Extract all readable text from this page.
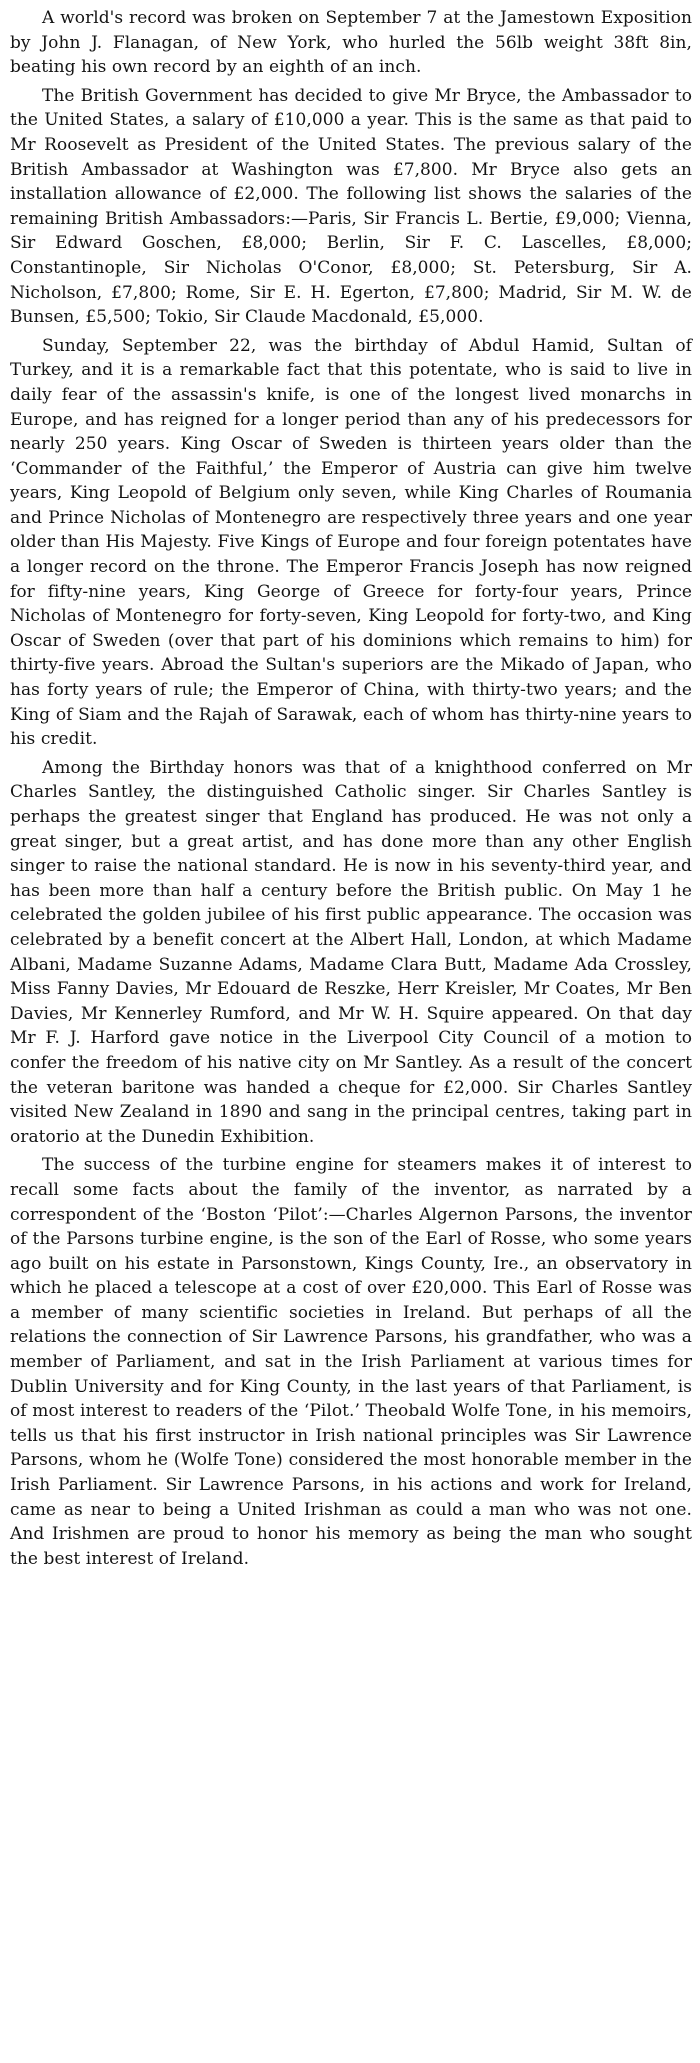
A world's record was broken on September 7 at the Jamestown Exposition by John J. Flanagan, of New York, who hurled the 56lb weight 38ft 8in, beating his own record by an eighth of an inch.

The British Government has decided to give Mr Bryce, the Ambassador to the United States, a salary of £10,000 a year. This is the same as that paid to Mr Roosevelt as President of the United States. The previous salary of the British Ambassador at Washington was £7,800. Mr Bryce also gets an installation allowance of £2,000. The following list shows the salaries of the remaining British Ambassadors:—Paris, Sir Francis L. Bertie, £9,000; Vienna, Sir Edward Goschen, £8,000; Berlin, Sir F. C. Lascelles, £8,000; Constantinople, Sir Nicholas O'Conor, £8,000; St. Petersburg, Sir A. Nicholson, £7,800; Rome, Sir E. H. Egerton, £7,800; Madrid, Sir M. W. de Bunsen, £5,500; Tokio, Sir Claude Macdonald, £5,000.

Sunday, September 22, was the birthday of Abdul Hamid, Sultan of Turkey, and it is a remarkable fact that this potentate, who is said to live in daily fear of the assassin's knife, is one of the longest lived monarchs in Europe, and has reigned for a longer period than any of his predecessors for nearly 250 years. King Oscar of Sweden is thirteen years older than the ‘Commander of the Faithful,’ the Emperor of Austria can give him twelve years, King Leopold of Belgium only seven, while King Charles of Roumania and Prince Nicholas of Montenegro are respectively three years and one year older than His Majesty. Five Kings of Europe and four foreign potentates have a longer record on the throne. The Emperor Francis Joseph has now reigned for fifty-nine years, King George of Greece for forty-four years, Prince Nicholas of Montenegro for forty-seven, King Leopold for forty-two, and King Oscar of Sweden (over that part of his dominions which remains to him) for thirty-five years. Abroad the Sultan's superiors are the Mikado of Japan, who has forty years of rule; the Emperor of China, with thirty-two years; and the King of Siam and the Rajah of Sarawak, each of whom has thirty-nine years to his credit.

Among the Birthday honors was that of a knighthood conferred on Mr Charles Santley, the distinguished Catholic singer. Sir Charles Santley is perhaps the greatest singer that England has produced. He was not only a great singer, but a great artist, and has done more than any other English singer to raise the national standard. He is now in his seventy-third year, and has been more than half a century before the British public. On May 1 he celebrated the golden jubilee of his first public appearance. The occasion was celebrated by a benefit concert at the Albert Hall, London, at which Madame Albani, Madame Suzanne Adams, Madame Clara Butt, Madame Ada Crossley, Miss Fanny Davies, Mr Edouard de Reszke, Herr Kreisler, Mr Coates, Mr Ben Davies, Mr Kennerley Rumford, and Mr W. H. Squire appeared. On that day Mr F. J. Harford gave notice in the Liverpool City Council of a motion to confer the freedom of his native city on Mr Santley. As a result of the concert the veteran baritone was handed a cheque for £2,000. Sir Charles Santley visited New Zealand in 1890 and sang in the principal centres, taking part in oratorio at the Dunedin Exhibition.

The success of the turbine engine for steamers makes it of interest to recall some facts about the family of the inventor, as narrated by a correspondent of the ‘Boston ‘Pilot’:—Charles Algernon Parsons, the inventor of the Parsons turbine engine, is the son of the Earl of Rosse, who some years ago built on his estate in Parsonstown, Kings County, Ire., an observatory in which he placed a telescope at a cost of over £20,000. This Earl of Rosse was a member of many scientific societies in Ireland. But perhaps of all the relations the connection of Sir Lawrence Parsons, his grandfather, who was a member of Parliament, and sat in the Irish Parliament at various times for Dublin University and for King County, in the last years of that Parliament, is of most interest to readers of the ‘Pilot.’ Theobald Wolfe Tone, in his memoirs, tells us that his first instructor in Irish national principles was Sir Lawrence Parsons, whom he (Wolfe Tone) considered the most honorable member in the Irish Parliament. Sir Lawrence Parsons, in his actions and work for Ireland, came as near to being a United Irishman as could a man who was not one. And Irishmen are proud to honor his memory as being the man who sought the best interest of Ireland.
